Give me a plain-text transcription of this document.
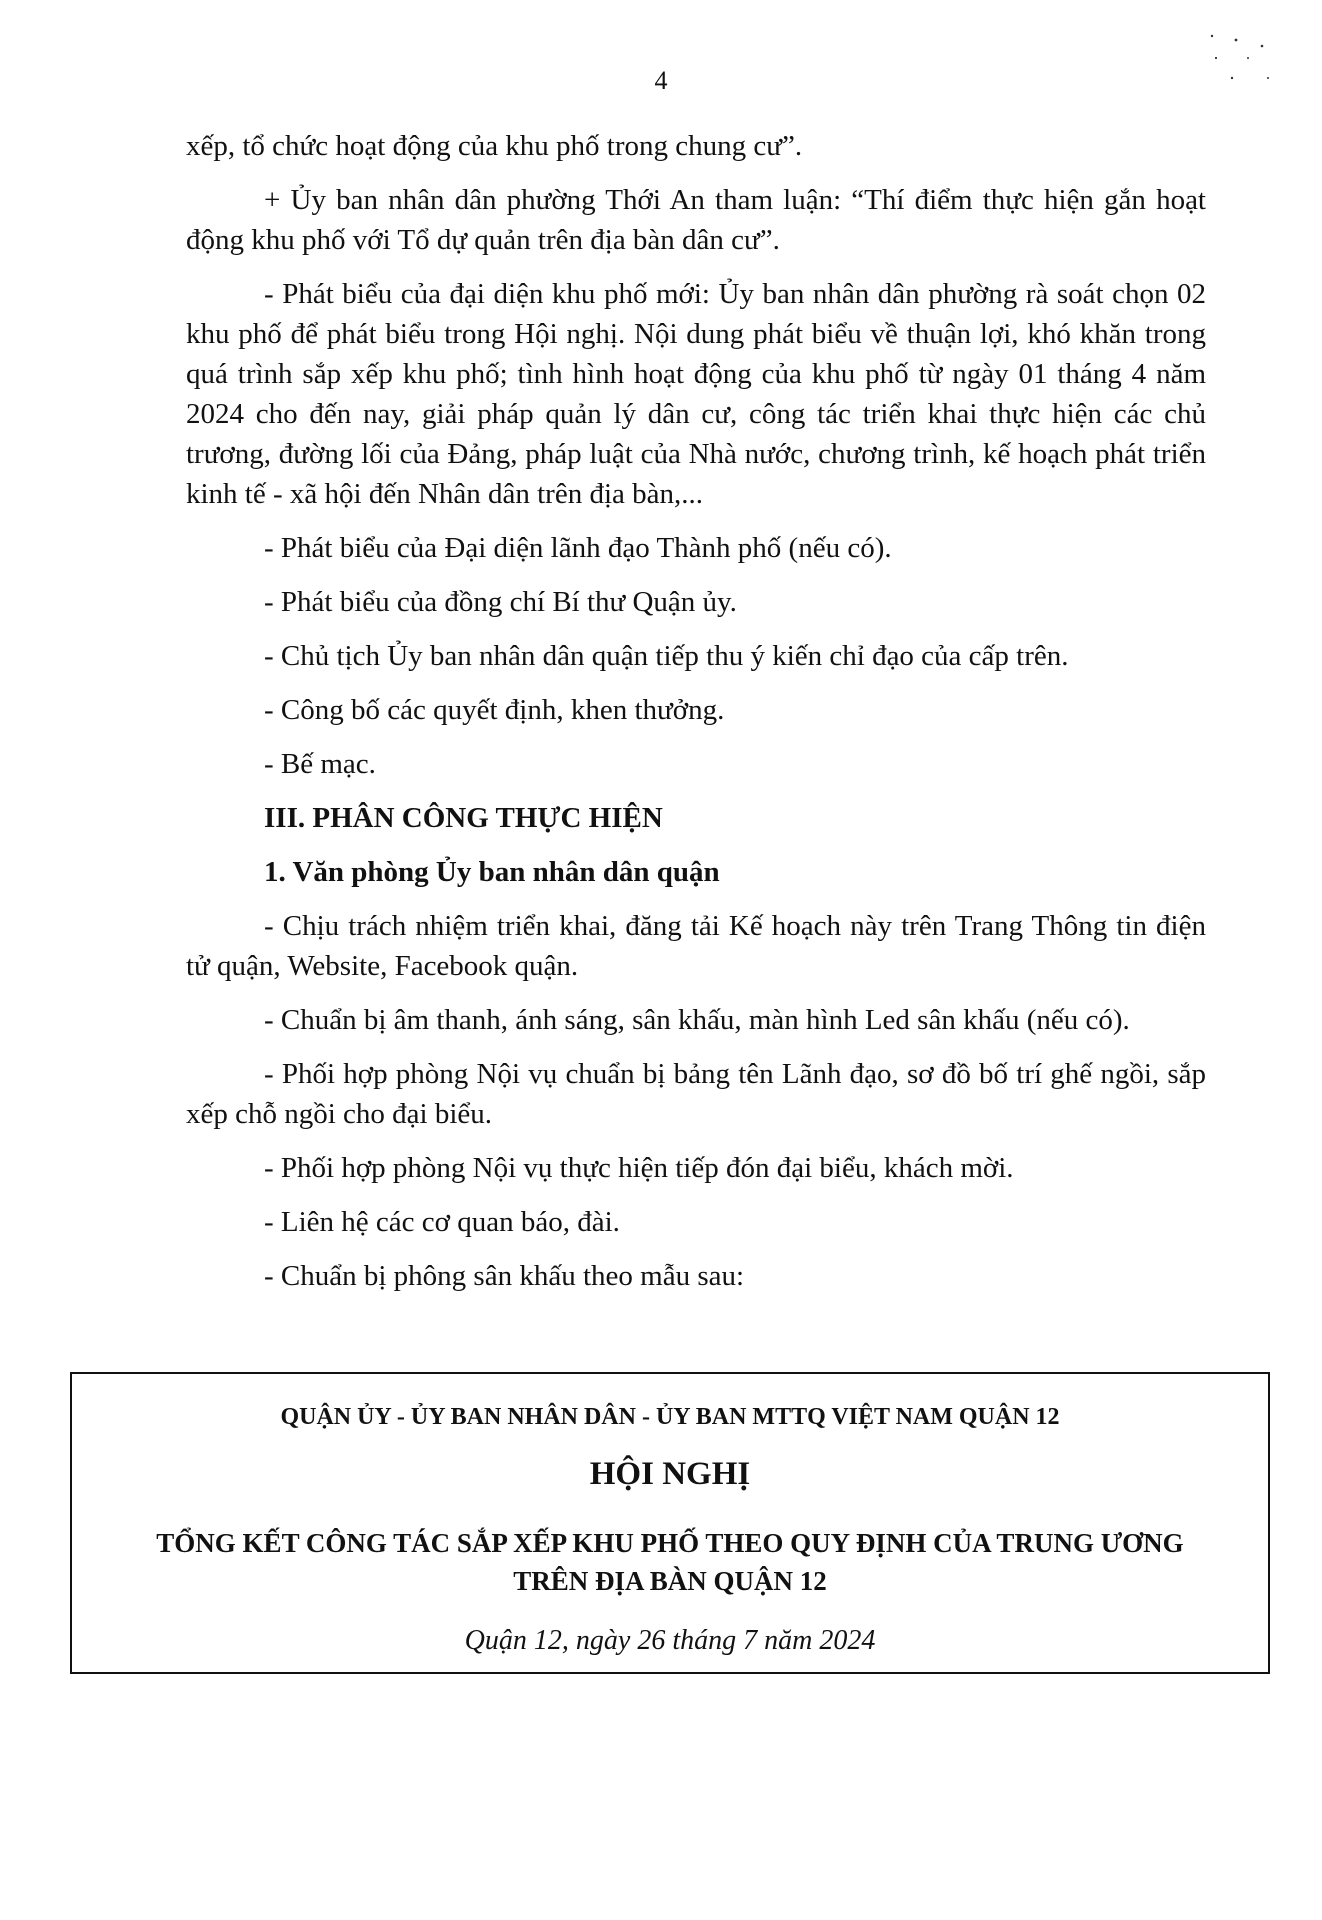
4

xếp, tổ chức hoạt động của khu phố trong chung cư”.

+ Ủy ban nhân dân phường Thới An tham luận: “Thí điểm thực hiện gắn hoạt động khu phố với Tổ dự quản trên địa bàn dân cư”.

- Phát biểu của đại diện khu phố mới: Ủy ban nhân dân phường rà soát chọn 02 khu phố để phát biểu trong Hội nghị. Nội dung phát biểu về thuận lợi, khó khăn trong quá trình sắp xếp khu phố; tình hình hoạt động của khu phố từ ngày 01 tháng 4 năm 2024 cho đến nay, giải pháp quản lý dân cư, công tác triển khai thực hiện các chủ trương, đường lối của Đảng, pháp luật của Nhà nước, chương trình, kế hoạch phát triển kinh tế - xã hội đến Nhân dân trên địa bàn,...

- Phát biểu của Đại diện lãnh đạo Thành phố (nếu có).

- Phát biểu của đồng chí Bí thư Quận ủy.

- Chủ tịch Ủy ban nhân dân quận tiếp thu ý kiến chỉ đạo của cấp trên.

- Công bố các quyết định, khen thưởng.

- Bế mạc.

III. PHÂN CÔNG THỰC HIỆN

1. Văn phòng Ủy ban nhân dân quận

- Chịu trách nhiệm triển khai, đăng tải Kế hoạch này trên Trang Thông tin điện tử quận, Website, Facebook quận.

- Chuẩn bị âm thanh, ánh sáng, sân khấu, màn hình Led sân khấu (nếu có).

- Phối hợp phòng Nội vụ chuẩn bị bảng tên Lãnh đạo, sơ đồ bố trí ghế ngồi, sắp xếp chỗ ngồi cho đại biểu.

- Phối hợp phòng Nội vụ thực hiện tiếp đón đại biểu, khách mời.

- Liên hệ các cơ quan báo, đài.

- Chuẩn bị phông sân khấu theo mẫu sau:

QUẬN ỦY - ỦY BAN NHÂN DÂN - ỦY BAN MTTQ VIỆT NAM QUẬN 12
HỘI NGHỊ
TỔNG KẾT CÔNG TÁC SẮP XẾP KHU PHỐ THEO QUY ĐỊNH CỦA TRUNG ƯƠNG
TRÊN ĐỊA BÀN QUẬN 12
Quận 12, ngày 26 tháng 7 năm 2024
